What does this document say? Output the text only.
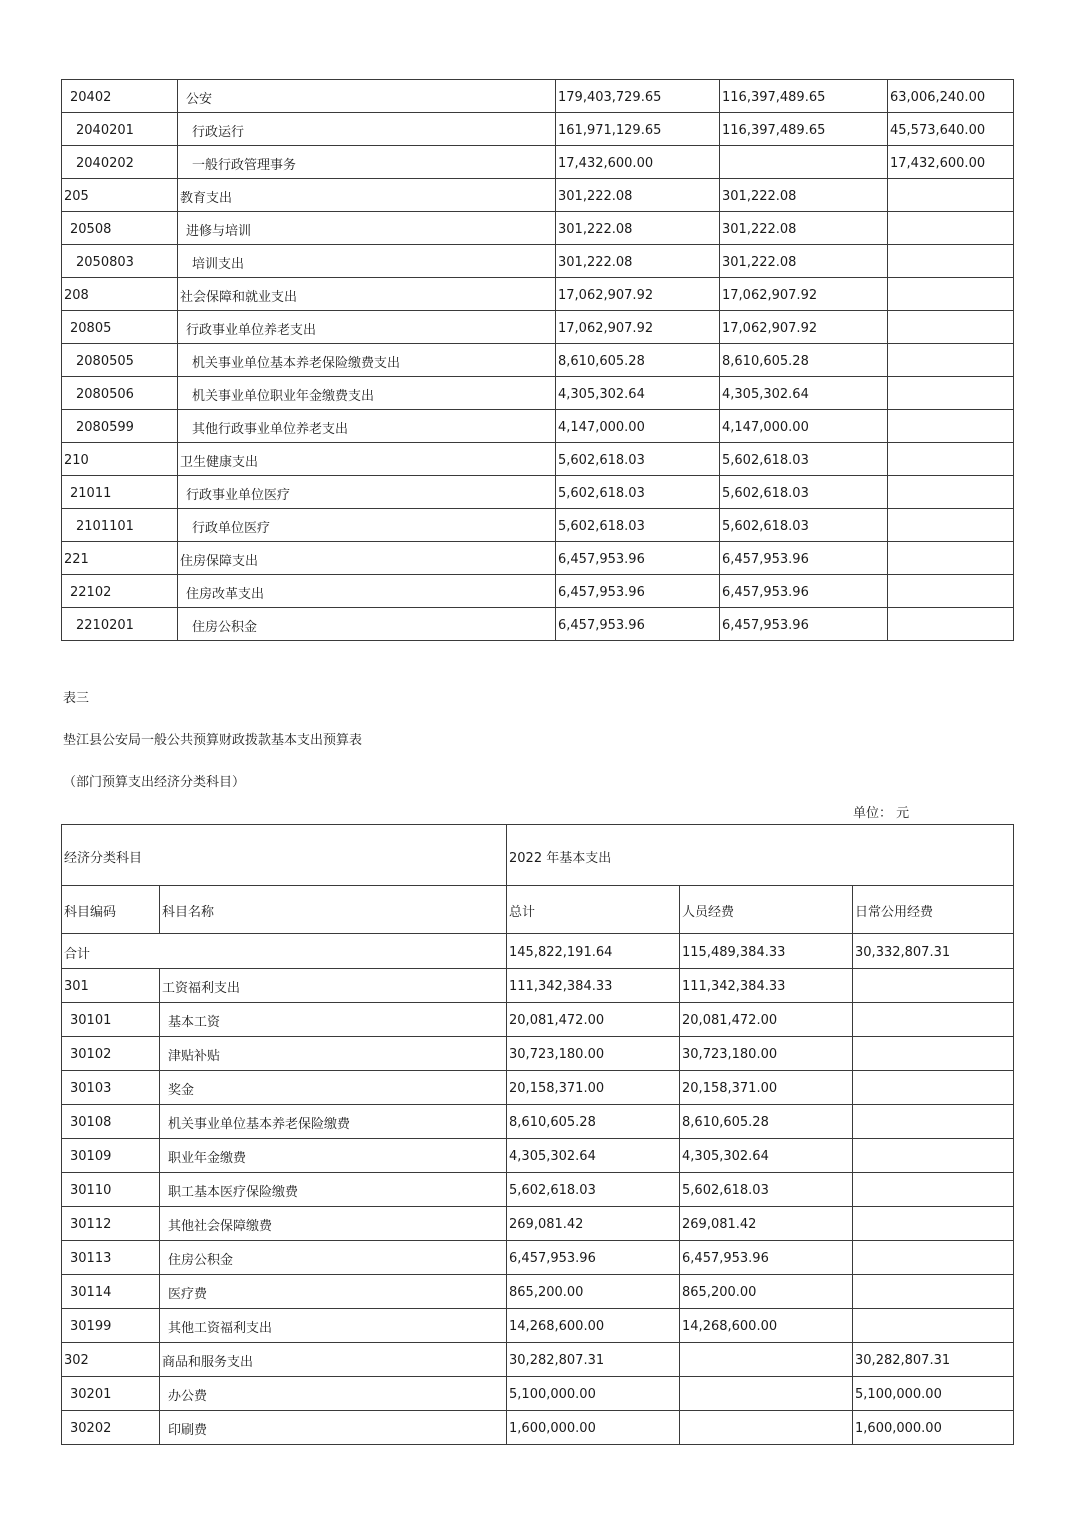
20402	公安	179,403,729.65	116,397,489.65	63,006,240.00
2040201	行政运行	161,971,129.65	116,397,489.65	45,573,640.00
2040202	一般行政管理事务	17,432,600.00		17,432,600.00
205	教育支出	301,222.08	301,222.08	
20508	进修与培训	301,222.08	301,222.08	
2050803	培训支出	301,222.08	301,222.08	
208	社会保障和就业支出	17,062,907.92	17,062,907.92	
20805	行政事业单位养老支出	17,062,907.92	17,062,907.92	
2080505	机关事业单位基本养老保险缴费支出	8,610,605.28	8,610,605.28	
2080506	机关事业单位职业年金缴费支出	4,305,302.64	4,305,302.64	
2080599	其他行政事业单位养老支出	4,147,000.00	4,147,000.00	
210	卫生健康支出	5,602,618.03	5,602,618.03	
21011	行政事业单位医疗	5,602,618.03	5,602,618.03	
2101101	行政单位医疗	5,602,618.03	5,602,618.03	
221	住房保障支出	6,457,953.96	6,457,953.96	
22102	住房改革支出	6,457,953.96	6,457,953.96	
2210201	住房公积金	6,457,953.96	6,457,953.96	
表三
垫江县公安局一般公共预算财政拨款基本支出预算表
（部门预算支出经济分类科目）
单位： 元
经济分类科目		2022 年基本支出		
科目编码	科目名称	总计	人员经费	日常公用经费
合计		145,822,191.64	115,489,384.33	30,332,807.31
301	工资福利支出	111,342,384.33	111,342,384.33	
30101	基本工资	20,081,472.00	20,081,472.00	
30102	津贴补贴	30,723,180.00	30,723,180.00	
30103	奖金	20,158,371.00	20,158,371.00	
30108	机关事业单位基本养老保险缴费	8,610,605.28	8,610,605.28	
30109	职业年金缴费	4,305,302.64	4,305,302.64	
30110	职工基本医疗保险缴费	5,602,618.03	5,602,618.03	
30112	其他社会保障缴费	269,081.42	269,081.42	
30113	住房公积金	6,457,953.96	6,457,953.96	
30114	医疗费	865,200.00	865,200.00	
30199	其他工资福利支出	14,268,600.00	14,268,600.00	
302	商品和服务支出	30,282,807.31		30,282,807.31
30201	办公费	5,100,000.00		5,100,000.00
30202	印刷费	1,600,000.00		1,600,000.00
